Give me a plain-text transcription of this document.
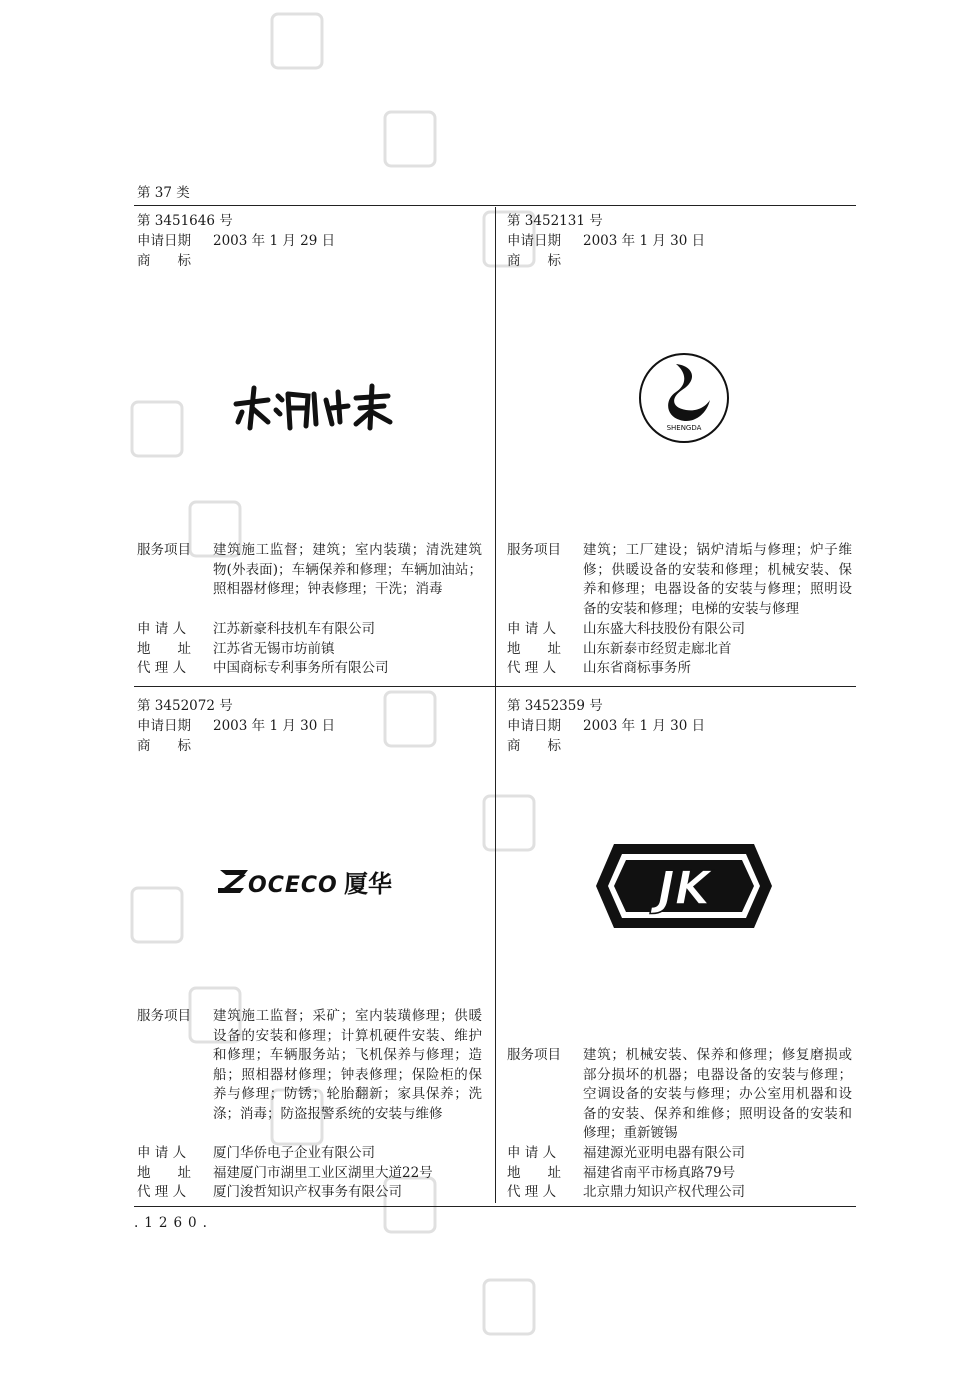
第 37 类
第 3451646 号
申请日期 2003 年 1 月 29 日
商　　标
服务项目	建筑施工监督；建筑；室内装璜；清洗建筑物(外表面)；车辆保养和修理；车辆加油站；照相器材修理；钟表修理；干洗；消毒
申 请 人 江苏新豪科技机车有限公司
地　　址 江苏省无锡市坊前镇
代 理 人 中国商标专利事务所有限公司
第 3452131 号
申请日期 2003 年 1 月 30 日
商　　标
SHENGDA
服务项目	建筑；工厂建设；锅炉清垢与修理；炉子维修；供暖设备的安装和修理；机械安装、保养和修理；电器设备的安装与修理；照明设备的安装和修理；电梯的安装与修理
申 请 人 山东盛大科技股份有限公司
地　　址 山东新泰市经贸走廊北首
代 理 人 山东省商标事务所
第 3452072 号
申请日期 2003 年 1 月 30 日
商　　标
OCECO 厦华
服务项目	建筑施工监督；采矿；室内装璜修理；供暖设备的安装和修理；计算机硬件安装、维护和修理；车辆服务站；飞机保养与修理；造船；照相器材修理；钟表修理；保险柜的保养与修理；防锈；轮胎翻新；家具保养；洗涤；消毒；防盗报警系统的安装与维修
申 请 人 厦门华侨电子企业有限公司
地　　址 福建厦门市湖里工业区湖里大道22号
代 理 人 厦门浚哲知识产权事务有限公司
第 3452359 号
申请日期 2003 年 1 月 30 日
商　　标
JK
服务项目	建筑；机械安装、保养和修理；修复磨损或部分损坏的机器；电器设备的安装与修理；空调设备的安装与修理；办公室用机器和设备的安装、保养和维修；照明设备的安装和修理；重新镀锡
申 请 人 福建源光亚明电器有限公司
地　　址 福建省南平市杨真路79号
代 理 人 北京鼎力知识产权代理公司
.1260.
